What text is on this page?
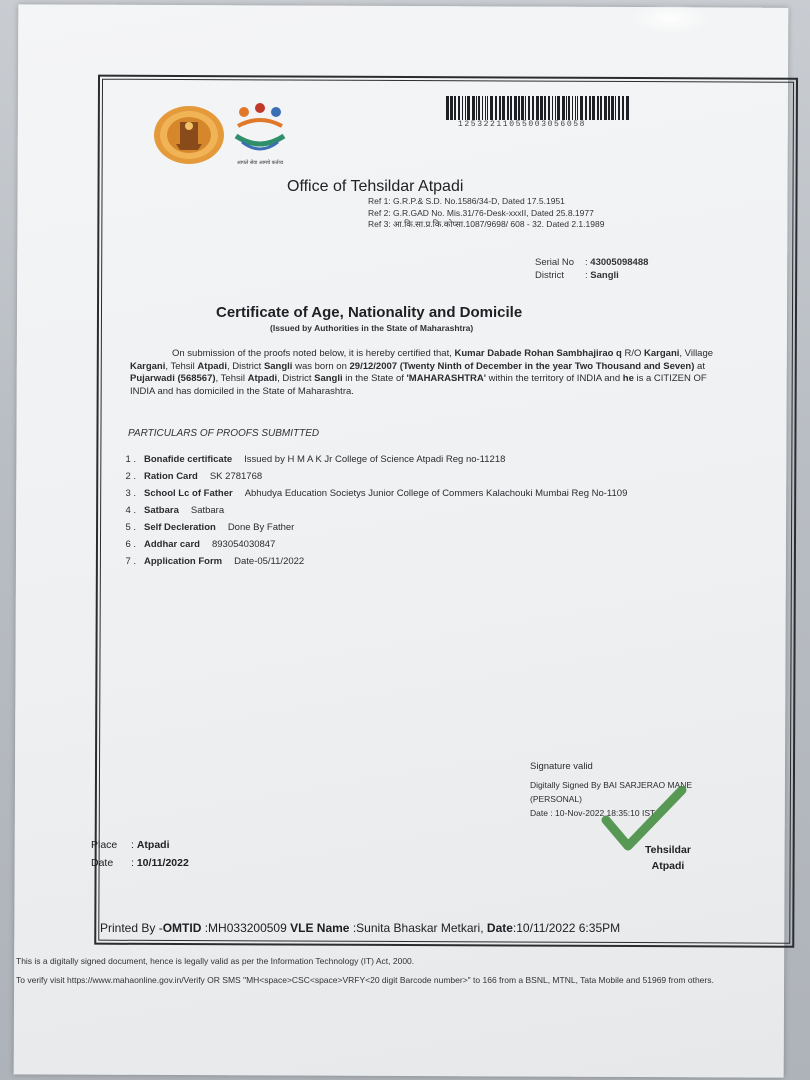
आपले सेवा आमचे कर्तव्य
12532211055003056058
Office of Tehsildar Atpadi
Ref 1: G.R.P.& S.D. No.1586/34-D, Dated 17.5.1951
Ref 2: G.R.GAD No. Mis.31/76-Desk-xxxII, Dated 25.8.1977
Ref 3: आ.कि.सा.प्र.कि.कोप्सा.1087/9698/ 608 - 32. Dated 2.1.1989
Serial No : 43005098488
District : Sangli
Certificate of Age, Nationality and Domicile
(Issued by Authorities in the State of Maharashtra)
On submission of the proofs noted below, it is hereby certified that, Kumar Dabade Rohan Sambhajirao q R/O Kargani, Village Kargani, Tehsil Atpadi, District Sangli was born on 29/12/2007 (Twenty Ninth of December in the year Two Thousand and Seven) at Pujarwadi (568567), Tehsil Atpadi, District Sangli in the State of 'MAHARASHTRA' within the territory of INDIA and he is a CITIZEN OF INDIA and has domiciled in the State of Maharashtra.
PARTICULARS OF PROOFS SUBMITTED
1 . Bonafide certificate Issued by H M A K Jr College of Science Atpadi Reg no-11218
2 . Ration Card SK 2781768
3 . School Lc of Father Abhudya Education Societys Junior College of Commers Kalachouki Mumbai Reg No-1109
4 . Satbara Satbara
5 . Self Decleration Done By Father
6 . Addhar card 893054030847
7 . Application Form Date-05/11/2022
Signature valid
Digitally Signed By BAI SARJERAO MANE
(PERSONAL)
Date : 10-Nov-2022 18:35:10 IST
Tehsildar
Atpadi
Place : Atpadi
Date : 10/11/2022
Printed By -OMTID :MH033200509 VLE Name :Sunita Bhaskar Metkari, Date:10/11/2022 6:35PM

This is a digitally signed document, hence is legally valid as per the Information Technology (IT) Act, 2000.

To verify visit https://www.mahaonline.gov.in/Verify OR SMS "MH<space>CSC<space>VRFY<20 digit Barcode number>" to 166 from a BSNL, MTNL, Tata Mobile and 51969 from others.
